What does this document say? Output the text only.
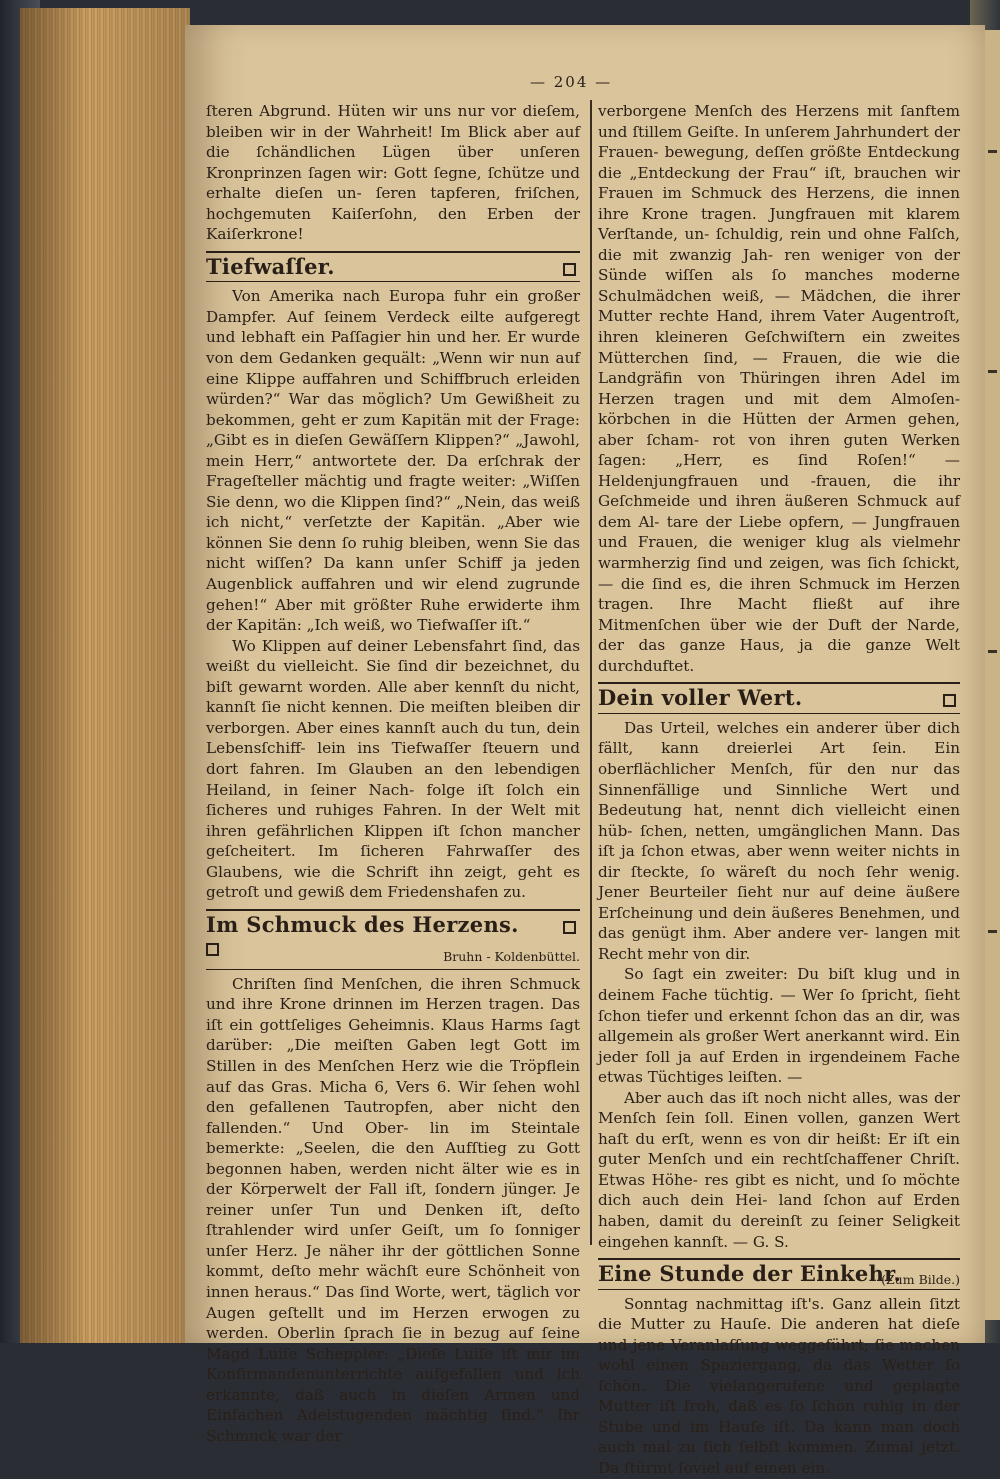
— 204 —

ſteren Abgrund. Hüten wir uns nur vor dieſem, bleiben wir in der Wahrheit! Im Blick aber auf die ſchändlichen Lügen über unſeren Kronprinzen ſagen wir: Gott ſegne, ſchütze und erhalte dieſen un- ſeren tapferen, friſchen, hochgemuten Kaiſerſohn, den Erben der Kaiſerkrone!

Tiefwaſſer.

Von Amerika nach Europa fuhr ein großer Dampfer. Auf ſeinem Verdeck eilte aufgeregt und lebhaft ein Paſſagier hin und her. Er wurde von dem Gedanken gequält: „Wenn wir nun auf eine Klippe auffahren und Schiffbruch erleiden würden?“ War das möglich? Um Gewißheit zu bekommen, geht er zum Kapitän mit der Frage: „Gibt es in dieſen Gewäſſern Klippen?“ „Jawohl, mein Herr,“ antwortete der. Da erſchrak der Frageſteller mächtig und fragte weiter: „Wiſſen Sie denn, wo die Klippen ſind?“ „Nein, das weiß ich nicht,“ verſetzte der Kapitän. „Aber wie können Sie denn ſo ruhig bleiben, wenn Sie das nicht wiſſen? Da kann unſer Schiff ja jeden Augenblick auffahren und wir elend zugrunde gehen!“ Aber mit größter Ruhe erwiderte ihm der Kapitän: „Ich weiß, wo Tiefwaſſer iſt.“

Wo Klippen auf deiner Lebensfahrt ſind, das weißt du vielleicht. Sie ſind dir bezeichnet, du biſt gewarnt worden. Alle aber kennſt du nicht, kannſt ſie nicht kennen. Die meiſten bleiben dir verborgen. Aber eines kannſt auch du tun, dein Lebensſchiff- lein ins Tiefwaſſer ſteuern und dort fahren. Im Glauben an den lebendigen Heiland, in ſeiner Nach- folge iſt ſolch ein ſicheres und ruhiges Fahren. In der Welt mit ihren gefährlichen Klippen iſt ſchon mancher geſcheitert. Im ſicheren Fahrwaſſer des Glaubens, wie die Schrift ihn zeigt, geht es getroſt und gewiß dem Friedenshafen zu.

Im Schmuck des Herzens.
Bruhn - Koldenbüttel.

Chriſten ſind Menſchen, die ihren Schmuck und ihre Krone drinnen im Herzen tragen. Das iſt ein gottſeliges Geheimnis. Klaus Harms ſagt darüber: „Die meiſten Gaben legt Gott im Stillen in des Menſchen Herz wie die Tröpflein auf das Gras. Micha 6, Vers 6. Wir ſehen wohl den gefallenen Tautropfen, aber nicht den fallenden.“ Und Ober- lin im Steintale bemerkte: „Seelen, die den Aufſtieg zu Gott begonnen haben, werden nicht älter wie es in der Körperwelt der Fall iſt, ſondern jünger. Je reiner unſer Tun und Denken iſt, deſto ſtrahlender wird unſer Geiſt, um ſo ſonniger unſer Herz. Je näher ihr der göttlichen Sonne kommt, deſto mehr wächſt eure Schönheit von innen heraus.“ Das ſind Worte, wert, täglich vor Augen geſtellt und im Herzen erwogen zu werden. Oberlin ſprach ſie in bezug auf ſeine Magd Luiſe Scheppler: „Dieſe Luiſe iſt mir im Konfirmandenunterrichte aufgefallen und ich erkannte, daß auch in dieſen Armen und Einfachen Adelstugenden mächtig ſind.“ Ihr Schmuck war der

verborgene Menſch des Herzens mit ſanftem und ſtillem Geiſte. In unſerem Jahrhundert der Frauen- bewegung, deſſen größte Entdeckung die „Entdeckung der Frau“ iſt, brauchen wir Frauen im Schmuck des Herzens, die innen ihre Krone tragen. Jungfrauen mit klarem Verſtande, un- ſchuldig, rein und ohne Falſch, die mit zwanzig Jah- ren weniger von der Sünde wiſſen als ſo manches moderne Schulmädchen weiß, — Mädchen, die ihrer Mutter rechte Hand, ihrem Vater Augentroſt, ihren kleineren Geſchwiſtern ein zweites Mütterchen ſind, — Frauen, die wie die Landgräfin von Thüringen ihren Adel im Herzen tragen und mit dem Almoſen- körbchen in die Hütten der Armen gehen, aber ſcham- rot von ihren guten Werken ſagen: „Herr, es ſind Roſen!“ — Heldenjungfrauen und -frauen, die ihr Geſchmeide und ihren äußeren Schmuck auf dem Al- tare der Liebe opfern, — Jungfrauen und Frauen, die weniger klug als vielmehr warmherzig ſind und zeigen, was ſich ſchickt, — die ſind es, die ihren Schmuck im Herzen tragen. Ihre Macht fließt auf ihre Mitmenſchen über wie der Duft der Narde, der das ganze Haus, ja die ganze Welt durchduftet.

Dein voller Wert.

Das Urteil, welches ein anderer über dich fällt, kann dreierlei Art ſein. Ein oberflächlicher Menſch, für den nur das Sinnenfällige und Sinnliche Wert und Bedeutung hat, nennt dich vielleicht einen hüb- ſchen, netten, umgänglichen Mann. Das iſt ja ſchon etwas, aber wenn weiter nichts in dir ſteckte, ſo wäreſt du noch ſehr wenig. Jener Beurteiler ſieht nur auf deine äußere Erſcheinung und dein äußeres Benehmen, und das genügt ihm. Aber andere ver- langen mit Recht mehr von dir.

So ſagt ein zweiter: Du biſt klug und in deinem Fache tüchtig. — Wer ſo ſpricht, ſieht ſchon tiefer und erkennt ſchon das an dir, was allgemein als großer Wert anerkannt wird. Ein jeder ſoll ja auf Erden in irgendeinem Fache etwas Tüchtiges leiſten. —

Aber auch das iſt noch nicht alles, was der Menſch ſein ſoll. Einen vollen, ganzen Wert haſt du erſt, wenn es von dir heißt: Er iſt ein guter Menſch und ein rechtſchaffener Chriſt. Etwas Höhe- res gibt es nicht, und ſo möchte dich auch dein Hei- land ſchon auf Erden haben, damit du dereinſt zu ſeiner Seligkeit eingehen kannſt. — G. S.

Eine Stunde der Einkehr.
(Zum Bilde.)

Sonntag nachmittag iſt's. Ganz allein ſitzt die Mutter zu Hauſe. Die anderen hat dieſe und jene Veranlaſſung weggeführt; ſie machen wohl einen Spaziergang, da das Wetter ſo ſchön. Die vielangerufene und geplagte Mutter iſt froh, daß es ſo ſchön ruhig in der Stube und im Hauſe iſt. Da kann man doch auch mal zu ſich ſelbſt kommen. Zumal jetzt. Da ſtürmt ſoviel auf einen ein.
